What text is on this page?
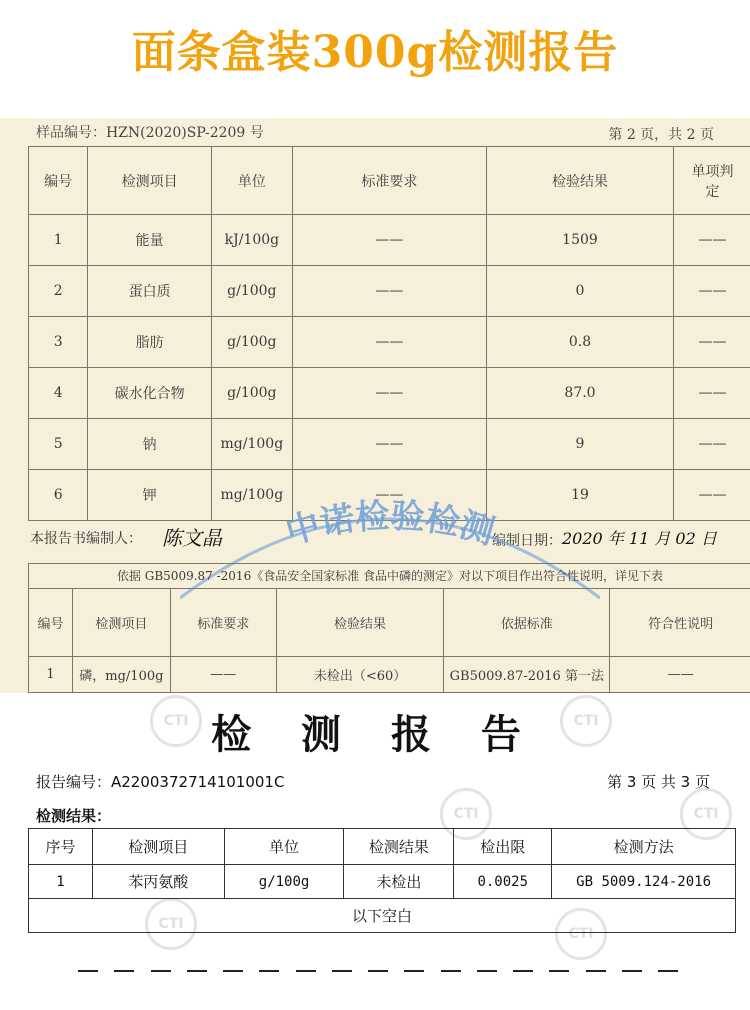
面条盒装300g检测报告
样品编号：HZN(2020)SP-2209 号	第 2 页，共 2 页
编号	检测项目	单位	标准要求	检验结果	单项判定
1	能量	kJ/100g	——	1509	——
2	蛋白质	g/100g	——	0	——
3	脂肪	g/100g	——	0.8	——
4	碳水化合物	g/100g	——	87.0	——
5	钠	mg/100g	——	9	——
6	钾	mg/100g	——	19	——
本报告书编制人： 陈文晶	编制日期： 2020 年 11 月 02 日
中诺检验检测
依据 GB5009.87 -2016《食品安全国家标准 食品中磷的测定》对以下项目作出符合性说明，详见下表
编号	检测项目	标准要求	检验结果	依据标准	符合性说明
1	磷，mg/100g	——	未检出（<60）	GB5009.87-2016 第一法	——
CTI	CTI
CTI
CTI
CTI
CTI
检 测 报 告
报告编号：A2200372714101001C	第 3 页 共 3 页
检测结果：
序号	检测项目	单位	检测结果	检出限	检测方法
1	苯丙氨酸	g/100g	未检出	0.0025	GB 5009.124-2016
以下空白					
